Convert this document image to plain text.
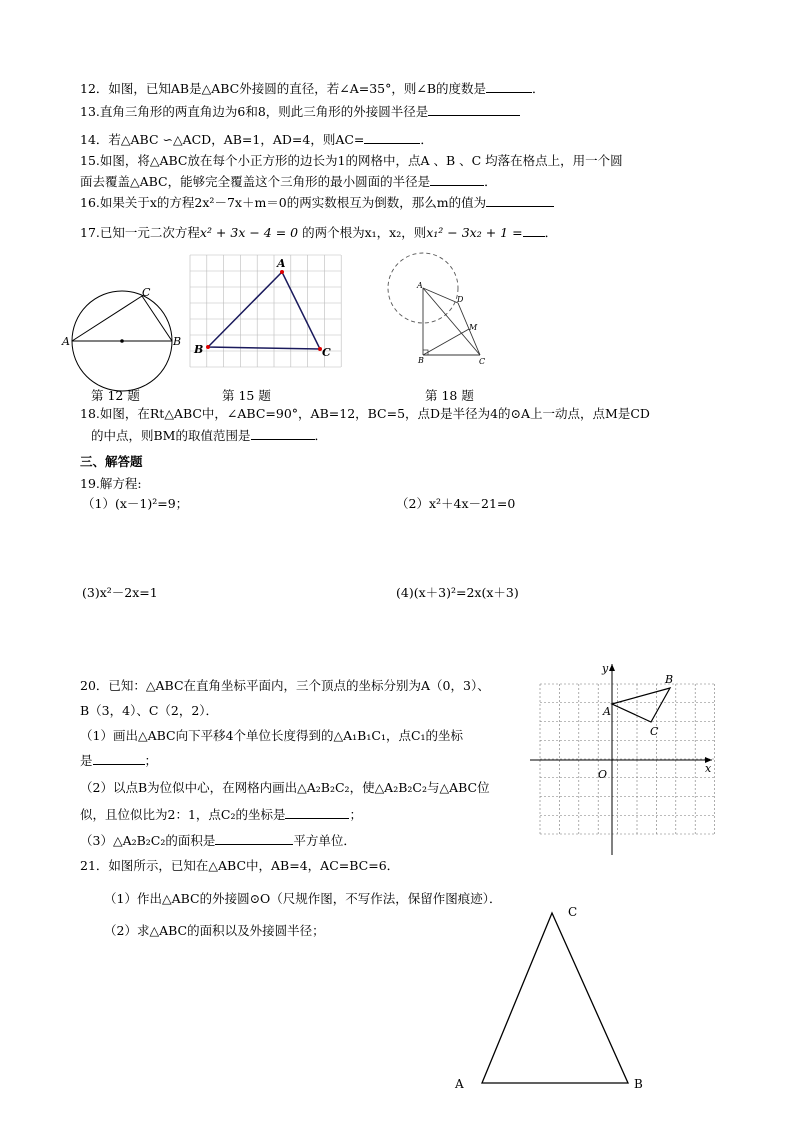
12．如图，已知AB是△ABC外接圆的直径，若∠A=35°，则∠B的度数是	．
13.直角三角形的两直角边为6和8，则此三角形的外接圆半径是
14．若△ABC ∽△ACD，AB=1，AD=4，则AC=	．
15.如图，将△ABC放在每个小正方形的边长为1的网格中，点A 、B 、C 均落在格点上，用一个圆
面去覆盖△ABC，能够完全覆盖这个三角形的最小圆面的半径是	．
16.如果关于x的方程2x²－7x＋m＝0的两实数根互为倒数，那么m的值为
17.已知一元二次方程x² + 3x − 4 = 0 的两个根为x₁，x₂，则x₁² − 3x₂ + 1 = ．
A	B
C
A
B	C
A
B	C
D
M
第 12 题	第 15 题	第 18 题
18.如图，在Rt△ABC中，∠ABC=90°，AB=12，BC=5，点D是半径为4的⊙A上一动点，点M是CD
的中点，则BM的取值范围是	．
三、解答题
19.解方程:
（1）(x－1)²=9；	（2）x²＋4x－21=0
(3)x²－2x=1	(4)(x＋3)²=2x(x＋3)
20．已知：△ABC在直角坐标平面内，三个顶点的坐标分别为A（0，3）、
B（3，4）、C（2，2）．
（1）画出△ABC向下平移4个单位长度得到的△A₁B₁C₁，点C₁的坐标
是	；
（2）以点B为位似中心，在网格内画出△A₂B₂C₂，使△A₂B₂C₂与△ABC位
似，且位似比为2：1，点C₂的坐标是	；
（3）△A₂B₂C₂的面积是	平方单位．
x
y
O
A
B
C
21．如图所示，已知在△ABC中，AB=4，AC=BC=6．
（1）作出△ABC的外接圆⊙O（尺规作图，不写作法，保留作图痕迹）．
（2）求△ABC的面积以及外接圆半径；
A	B
C
